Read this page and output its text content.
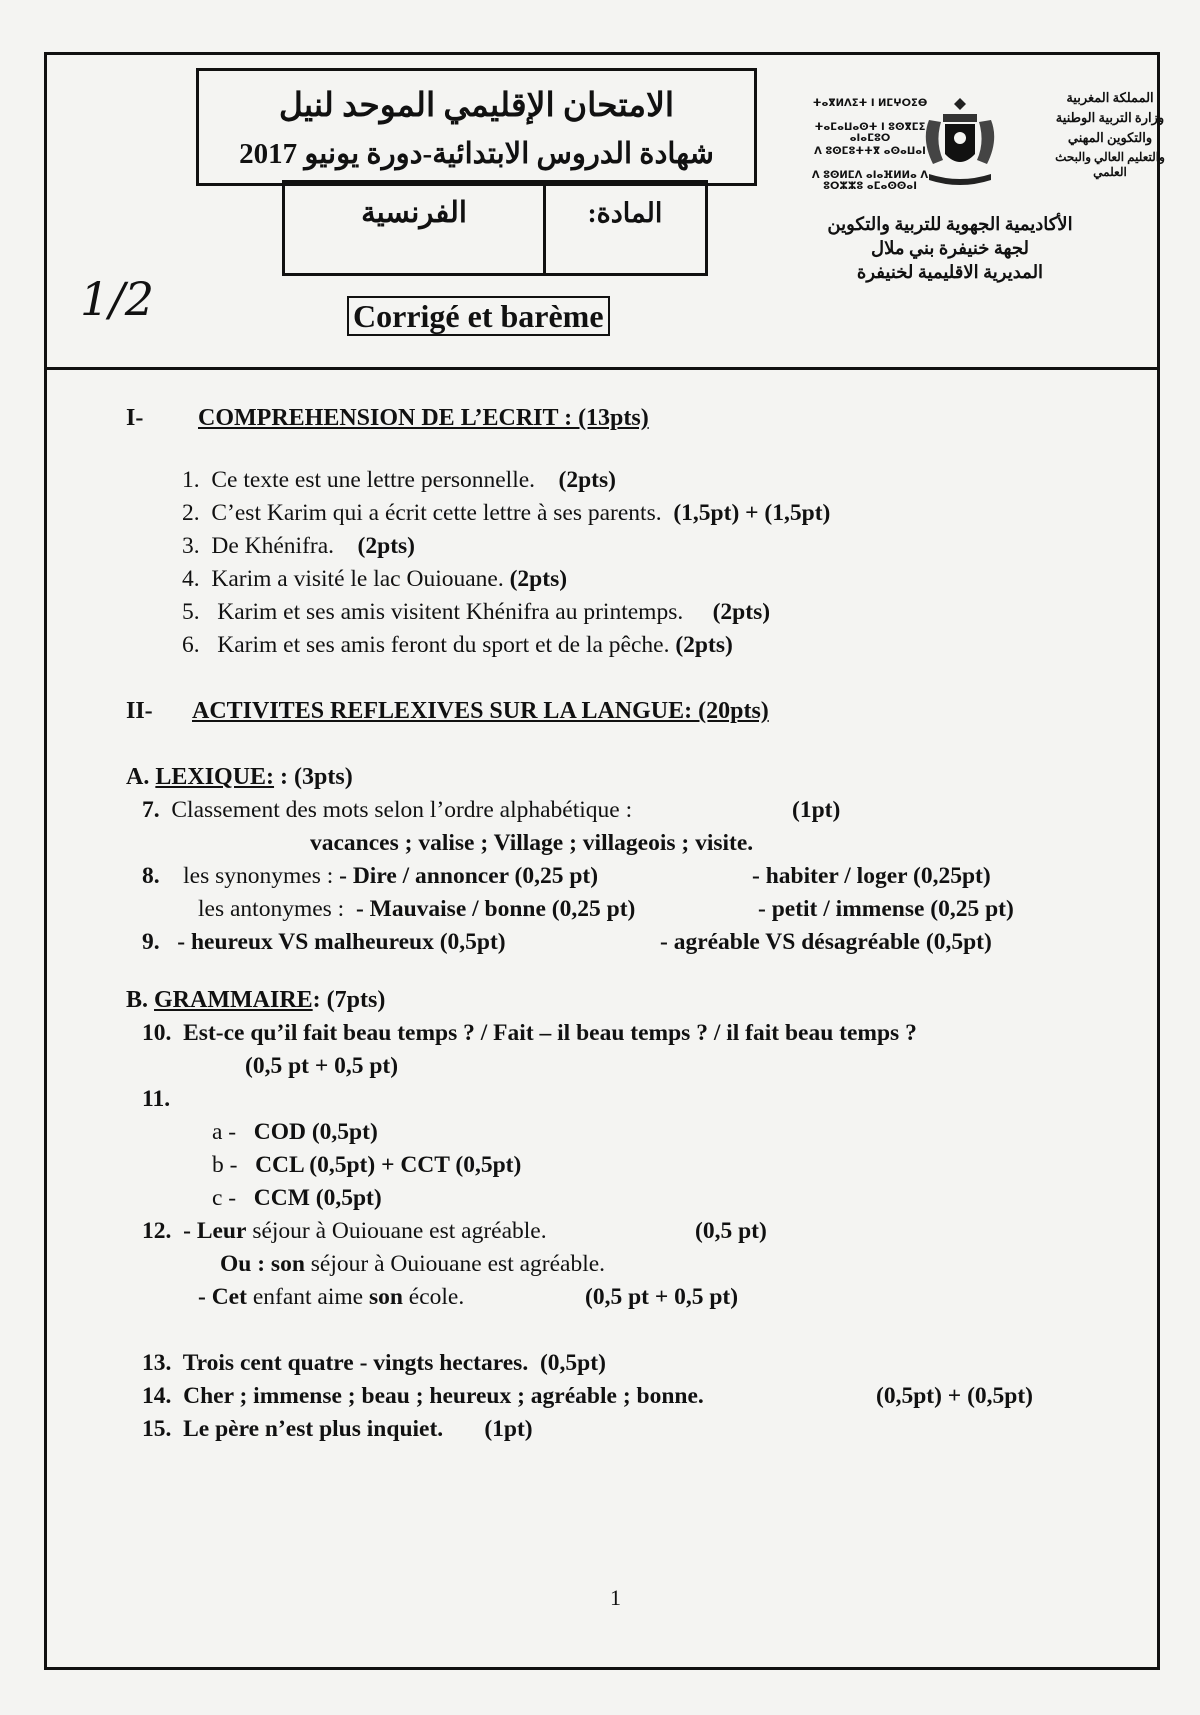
الامتحان الإقليمي الموحد لنيل
شهادة الدروس الابتدائية-دورة يونيو 2017
الفرنسية	المادة:
ⵜⴰⴳⵍⴷⵉⵜ ⵏ ⵍⵎⵖⵔⵉⴱ
ⵜⴰⵎⴰⵡⴰⵙⵜ ⵏ ⵓⵙⴳⵎⵉ ⴰⵏⴰⵎⵓⵔ
ⴷ ⵓⵙⵎⵓⵜⵜⴳ ⴰⵙⴰⵡⴰⵏ
ⴷ ⵓⵙⵍⵎⴷ ⴰⵏⴰⴼⵍⵍⴰ ⴷ ⵓⵔⵣⵣⵓ ⴰⵎⴰⵙⵙⴰⵏ
المملكة المغربية
وزارة التربية الوطنية
والتكوين المهني
والتعليم العالي والبحث العلمي
الأكاديمية الجهوية للتربية والتكوين
لجهة خنيفرة بني ملال
المديرية الاقليمية لخنيفرة
1/2	Corrigé et barème
I- COMPREHENSION DE L’ECRIT : (13pts)
1. Ce texte est une lettre personnelle. (2pts)
2. C’est Karim qui a écrit cette lettre à ses parents. (1,5pt) + (1,5pt)
3. De Khénifra. (2pts)
4. Karim a visité le lac Ouiouane. (2pts)
5. Karim et ses amis visitent Khénifra au printemps. (2pts)
6. Karim et ses amis feront du sport et de la pêche. (2pts)
II- ACTIVITES REFLEXIVES SUR LA LANGUE: (20pts)
A. LEXIQUE: : (3pts)
7. Classement des mots selon l’ordre alphabétique :	(1pt)
vacances ; valise ; Village ; villageois ; visite.
8. les synonymes : - Dire / annoncer (0,25 pt)	- habiter / loger (0,25pt)
les antonymes : - Mauvaise / bonne (0,25 pt)	- petit / immense (0,25 pt)
9. - heureux VS malheureux (0,5pt)	- agréable VS désagréable (0,5pt)
B. GRAMMAIRE: (7pts)
10. Est-ce qu’il fait beau temps ? / Fait – il beau temps ? / il fait beau temps ?
(0,5 pt + 0,5 pt)
11.
a - COD (0,5pt)
b - CCL (0,5pt) + CCT (0,5pt)
c - CCM (0,5pt)
12. - Leur séjour à Ouiouane est agréable.	(0,5 pt)
Ou : son séjour à Ouiouane est agréable.
- Cet enfant aime son école.	(0,5 pt + 0,5 pt)
13. Trois cent quatre - vingts hectares. (0,5pt)
14. Cher ; immense ; beau ; heureux ; agréable ; bonne.	(0,5pt) + (0,5pt)
15. Le père n’est plus inquiet. (1pt)
1
